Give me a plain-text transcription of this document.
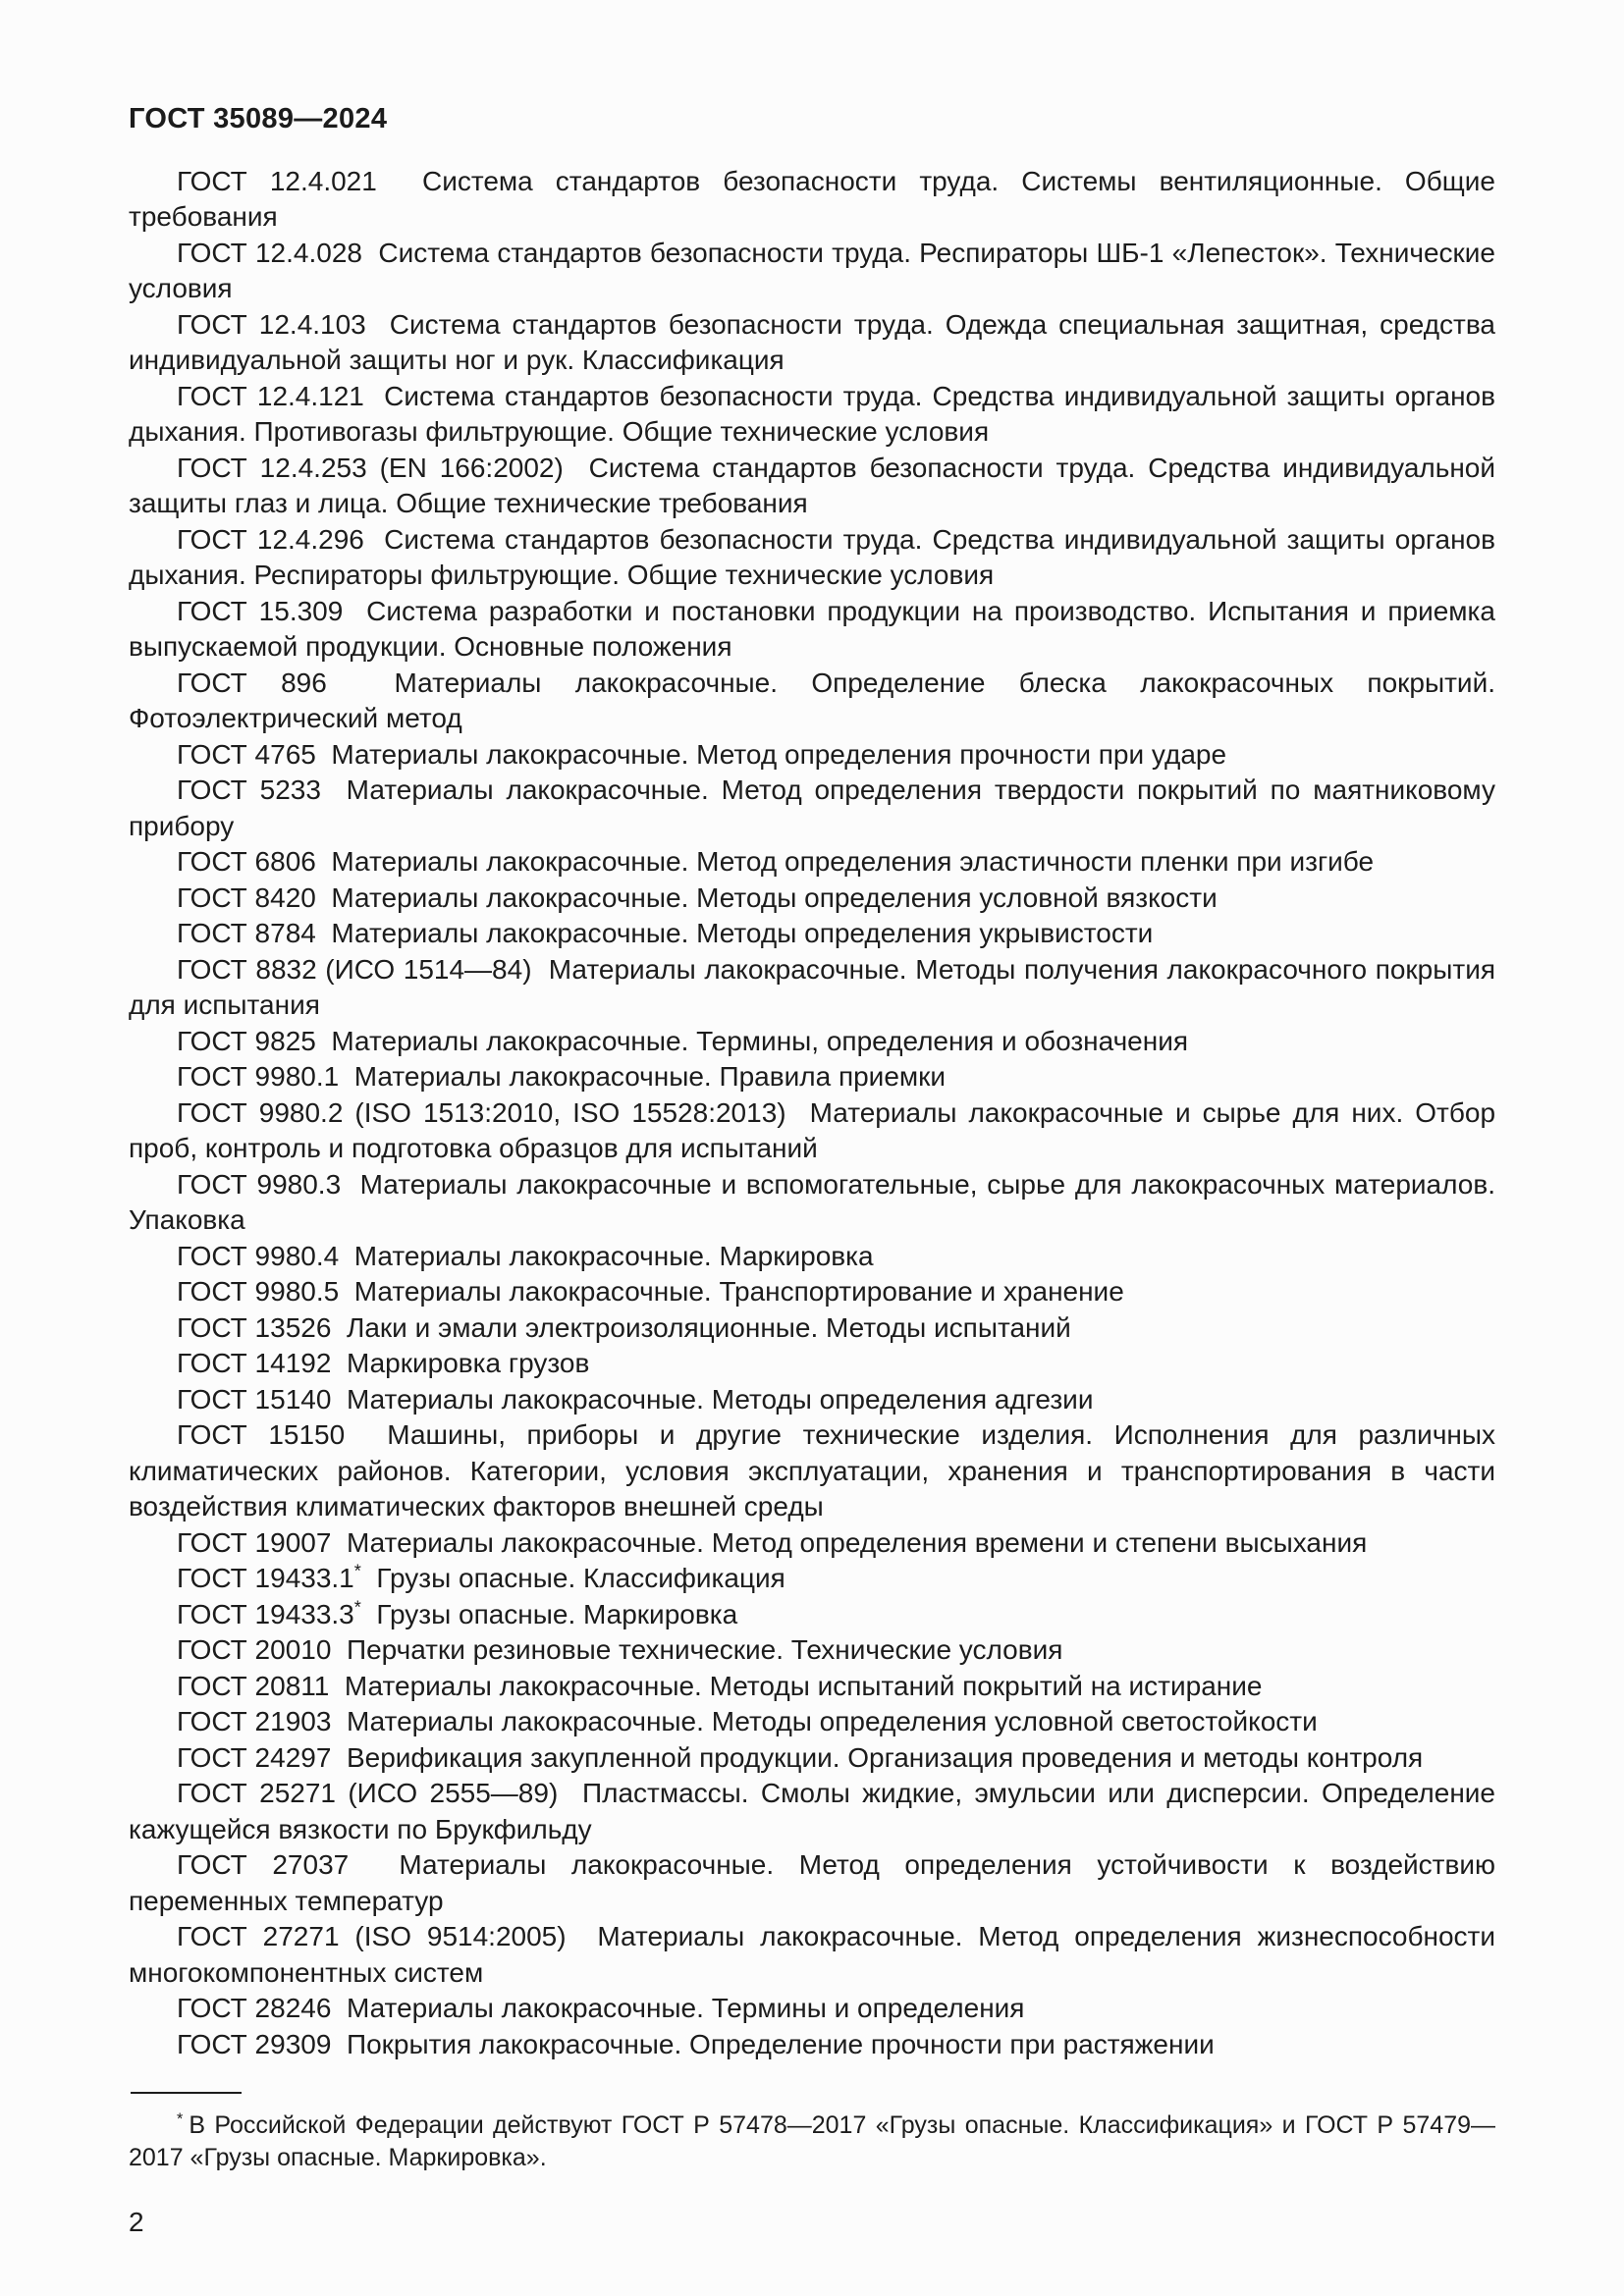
ГОСТ 35089—2024

ГОСТ 12.4.021  Система стандартов безопасности труда. Системы вентиляционные. Общие требования

ГОСТ 12.4.028  Система стандартов безопасности труда. Респираторы ШБ-1 «Лепесток». Технические условия

ГОСТ 12.4.103  Система стандартов безопасности труда. Одежда специальная защитная, средства индивидуальной защиты ног и рук. Классификация

ГОСТ 12.4.121  Система стандартов безопасности труда. Средства индивидуальной защиты органов дыхания. Противогазы фильтрующие. Общие технические условия

ГОСТ 12.4.253 (EN 166:2002)  Система стандартов безопасности труда. Средства индивидуальной защиты глаз и лица. Общие технические требования

ГОСТ 12.4.296  Система стандартов безопасности труда. Средства индивидуальной защиты органов дыхания. Респираторы фильтрующие. Общие технические условия

ГОСТ 15.309  Система разработки и постановки продукции на производство. Испытания и приемка выпускаемой продукции. Основные положения

ГОСТ 896  Материалы лакокрасочные. Определение блеска лакокрасочных покрытий. Фотоэлектрический метод

ГОСТ 4765  Материалы лакокрасочные. Метод определения прочности при ударе

ГОСТ 5233  Материалы лакокрасочные. Метод определения твердости покрытий по маятниковому прибору

ГОСТ 6806  Материалы лакокрасочные. Метод определения эластичности пленки при изгибе

ГОСТ 8420  Материалы лакокрасочные. Методы определения условной вязкости

ГОСТ 8784  Материалы лакокрасочные. Методы определения укрывистости

ГОСТ 8832 (ИСО 1514—84)  Материалы лакокрасочные. Методы получения лакокрасочного покрытия для испытания

ГОСТ 9825  Материалы лакокрасочные. Термины, определения и обозначения

ГОСТ 9980.1  Материалы лакокрасочные. Правила приемки

ГОСТ 9980.2 (ISO 1513:2010, ISO 15528:2013)  Материалы лакокрасочные и сырье для них. Отбор проб, контроль и подготовка образцов для испытаний

ГОСТ 9980.3  Материалы лакокрасочные и вспомогательные, сырье для лакокрасочных материалов. Упаковка

ГОСТ 9980.4  Материалы лакокрасочные. Маркировка

ГОСТ 9980.5  Материалы лакокрасочные. Транспортирование и хранение

ГОСТ 13526  Лаки и эмали электроизоляционные. Методы испытаний

ГОСТ 14192  Маркировка грузов

ГОСТ 15140  Материалы лакокрасочные. Методы определения адгезии

ГОСТ 15150  Машины, приборы и другие технические изделия. Исполнения для различных климатических районов. Категории, условия эксплуатации, хранения и транспортирования в части воздействия климатических факторов внешней среды

ГОСТ 19007  Материалы лакокрасочные. Метод определения времени и степени высыхания

ГОСТ 19433.1*  Грузы опасные. Классификация

ГОСТ 19433.3*  Грузы опасные. Маркировка

ГОСТ 20010  Перчатки резиновые технические. Технические условия

ГОСТ 20811  Материалы лакокрасочные. Методы испытаний покрытий на истирание

ГОСТ 21903  Материалы лакокрасочные. Методы определения условной светостойкости

ГОСТ 24297  Верификация закупленной продукции. Организация проведения и методы контроля

ГОСТ 25271 (ИСО 2555—89)  Пластмассы. Смолы жидкие, эмульсии или дисперсии. Определение кажущейся вязкости по Брукфильду

ГОСТ 27037  Материалы лакокрасочные. Метод определения устойчивости к воздействию переменных температур

ГОСТ 27271 (ISO 9514:2005)  Материалы лакокрасочные. Метод определения жизнеспособности многокомпонентных систем

ГОСТ 28246  Материалы лакокрасочные. Термины и определения

ГОСТ 29309  Покрытия лакокрасочные. Определение прочности при растяжении

* В Российской Федерации действуют ГОСТ Р 57478—2017 «Грузы опасные. Классификация» и ГОСТ Р 57479—2017 «Грузы опасные. Маркировка».

2
